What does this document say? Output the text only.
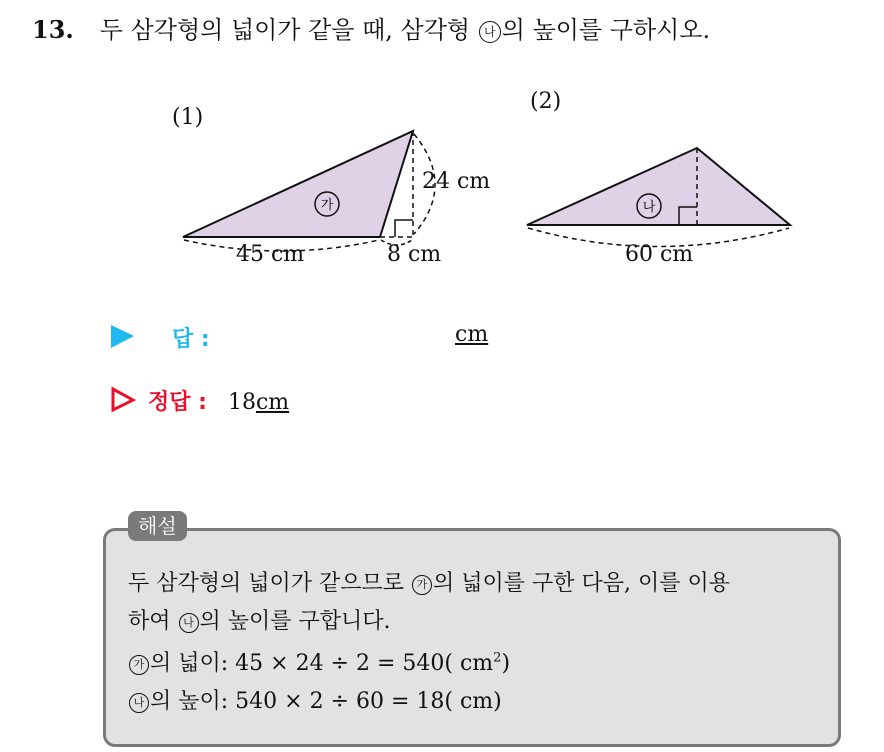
13. 두 삼각형의 넓이가 같을 때, 삼각형 나 의 높이를 구하시오.
(1)
가
24 cm
45 cm	8 cm
(2)
나
60 cm
답 :	cm
정답 : 18cm
해설
두 삼각형의 넓이가 같으므로 가 의 넓이를 구한 다음, 이를 이용
하여 나 의 높이를 구합니다.
가 의 넓이: 45 × 24 ÷ 2 = 540( $cm^2$)
나 의 높이: 540 × 2 ÷ 60 = 18( cm)
